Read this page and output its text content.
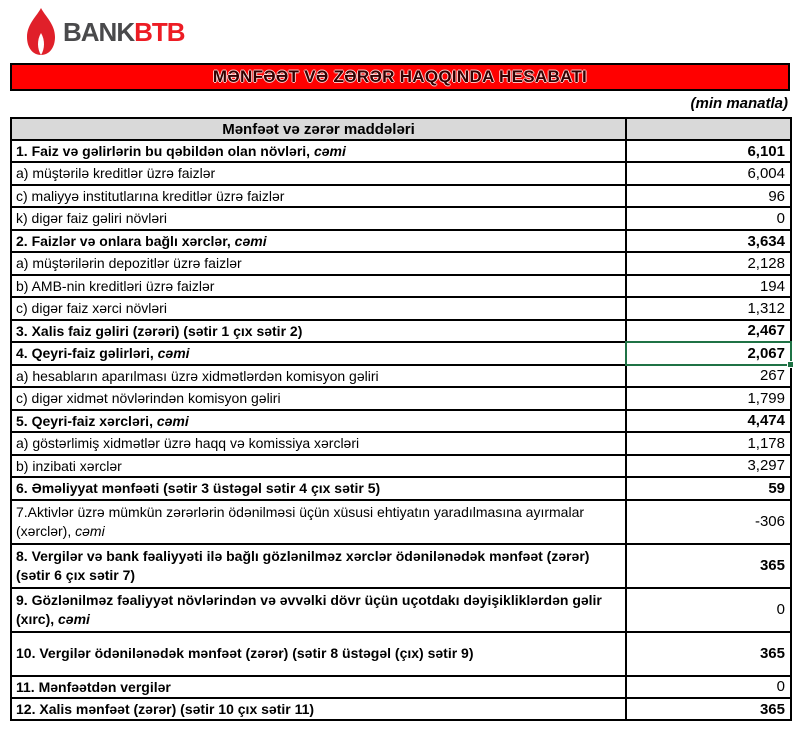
BANKBTB
MƏNFƏƏT VƏ ZƏRƏR HAQQINDA HESABATI
(min manatla)
Mənfəət və zərər maddələri	
1. Faiz və gəlirlərin bu qəbildən olan növləri, cəmi	6,101
a) müştərilə kreditlər üzrə faizlər	6,004
c) maliyyə institutlarına kreditlər üzrə faizlər	96
k) digər faiz gəliri növləri	0
2. Faizlər və onlara bağlı xərclər, cəmi	3,634
a) müştərilərin depozitlər üzrə faizlər	2,128
b) AMB-nin kreditləri üzrə faizlər	194
c) digər faiz xərci növləri	1,312
3. Xalis faiz gəliri (zərəri) (sətir 1 çıx sətir 2)	2,467
4. Qeyri-faiz gəlirləri, cəmi	2,067

a) hesabların aparılması üzrə xidmətlərdən komisyon gəliri	267
c) digər xidmət növlərindən komisyon gəliri	1,799
5. Qeyri-faiz xərcləri, cəmi	4,474
a) göstərlimiş xidmətlər üzrə haqq və komissiya xərcləri	1,178
b) inzibati xərclər	3,297
6. Əməliyyat mənfəəti (sətir 3 üstəgəl sətir 4 çıx sətir 5)	59
7.Aktivlər üzrə mümkün zərərlərin ödənilməsi üçün xüsusi ehtiyatın yaradılmasına ayırmalar (xərclər), cəmi	-306
8. Vergilər və bank fəaliyyəti ilə bağlı gözlənilməz xərclər ödənilənədək mənfəət (zərər) (sətir 6 çıx sətir 7)	365
9. Gözlənilməz fəaliyyət növlərindən və əvvəlki dövr üçün uçotdakı dəyişikliklərdən gəlir (xırc), cəmi	0
10. Vergilər ödənilənədək mənfəət (zərər) (sətir 8 üstəgəl (çıx) sətir 9)	365
11. Mənfəətdən vergilər	0
12. Xalis mənfəət (zərər) (sətir 10 çıx sətir 11)	365
